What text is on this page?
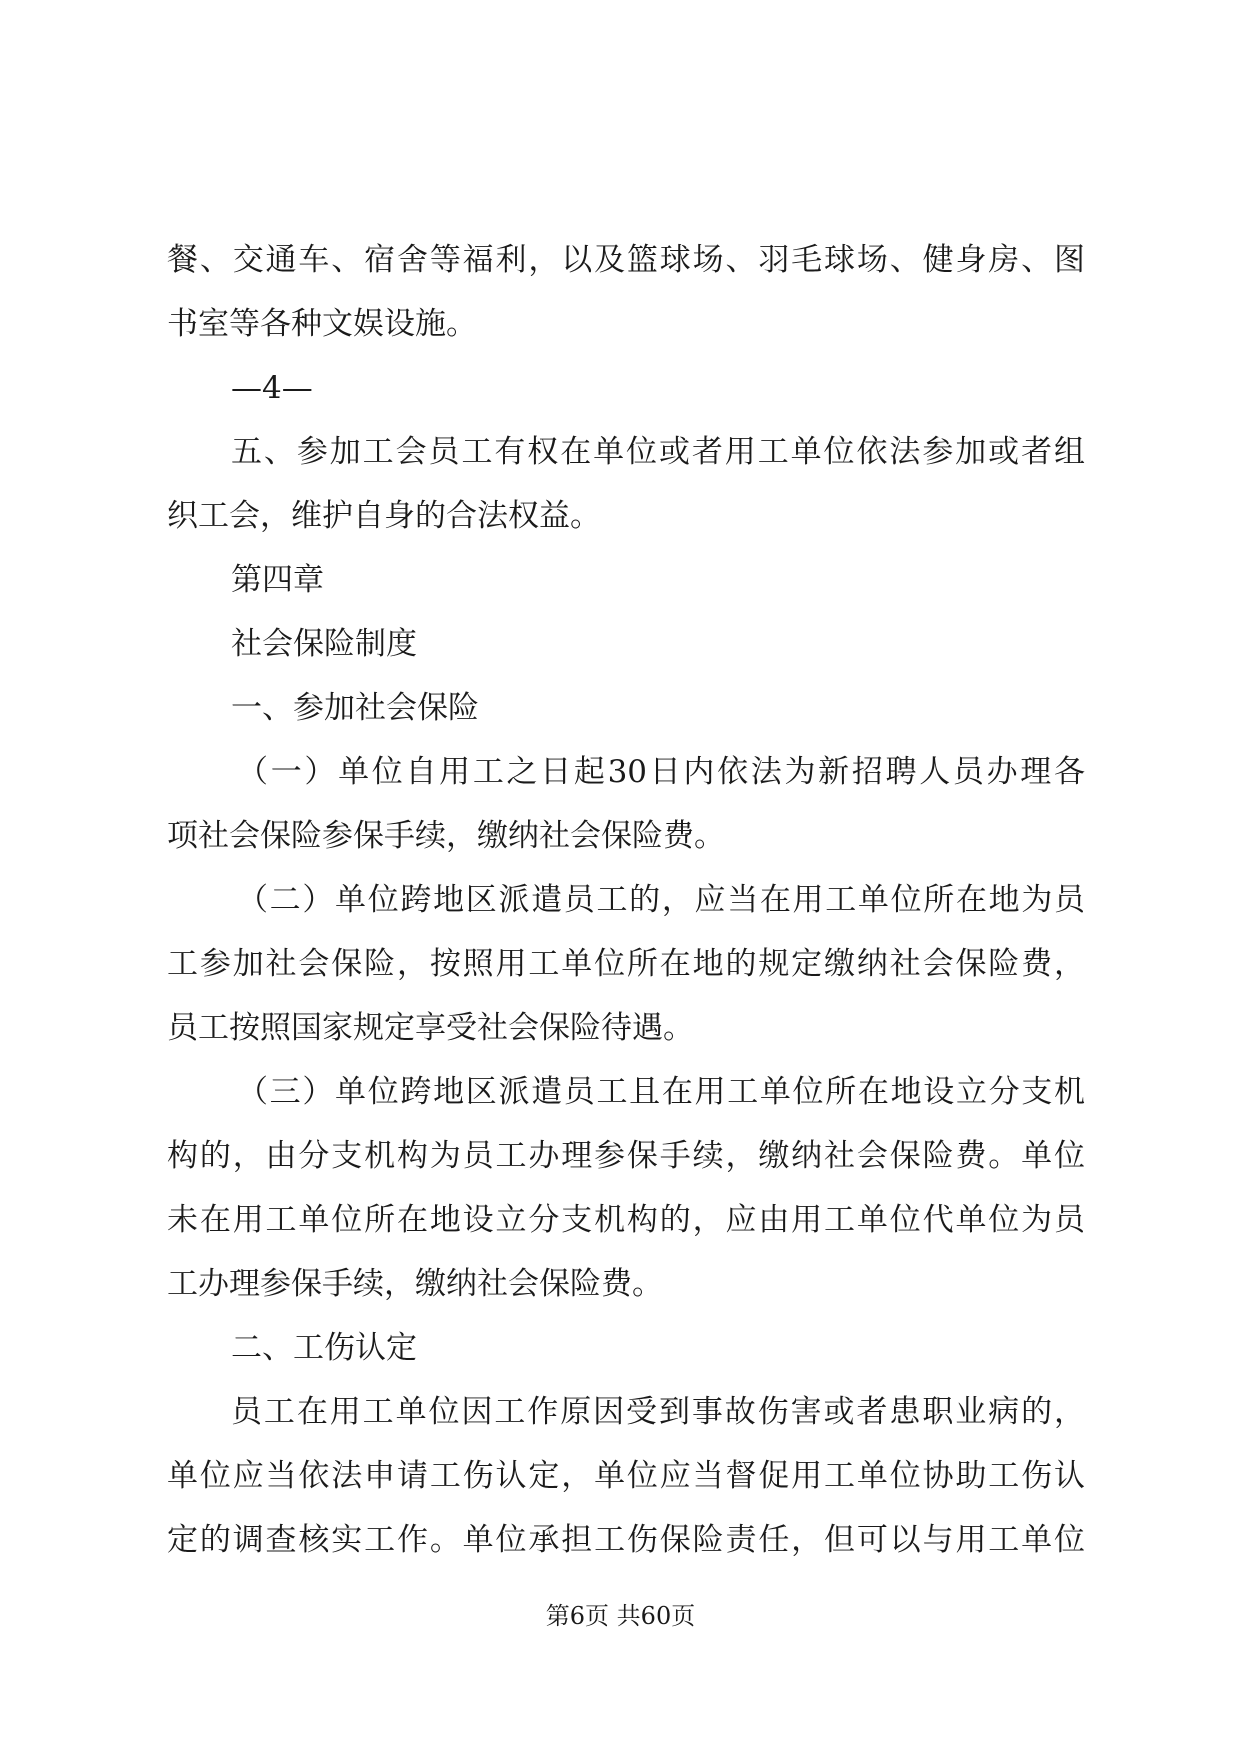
餐、交通车、宿舍等福利，以及篮球场、羽毛球场、健身房、图
书室等各种文娱设施。
—4—
五、参加工会员工有权在单位或者用工单位依法参加或者组
织工会，维护自身的合法权益。
第四章
社会保险制度
一、参加社会保险
（一）单位自用工之日起30日内依法为新招聘人员办理各
项社会保险参保手续，缴纳社会保险费。
（二）单位跨地区派遣员工的，应当在用工单位所在地为员
工参加社会保险，按照用工单位所在地的规定缴纳社会保险费，
员工按照国家规定享受社会保险待遇。
（三）单位跨地区派遣员工且在用工单位所在地设立分支机
构的，由分支机构为员工办理参保手续，缴纳社会保险费。单位
未在用工单位所在地设立分支机构的，应由用工单位代单位为员
工办理参保手续，缴纳社会保险费。
二、工伤认定
员工在用工单位因工作原因受到事故伤害或者患职业病的，
单位应当依法申请工伤认定，单位应当督促用工单位协助工伤认
定的调查核实工作。单位承担工伤保险责任，但可以与用工单位
第6页 共60页
